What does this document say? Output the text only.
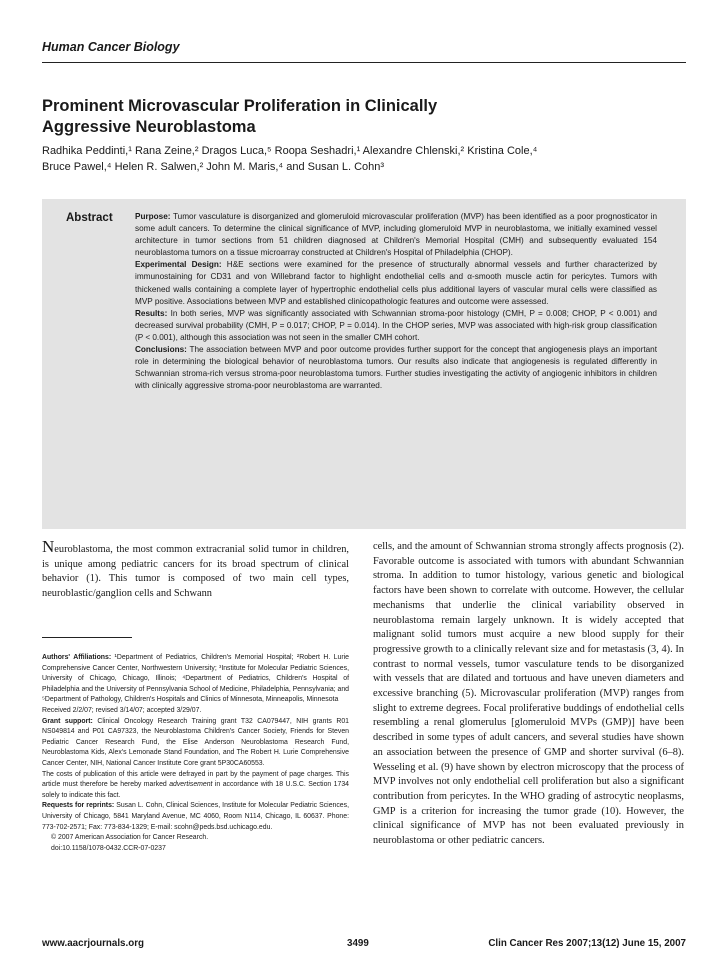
Human Cancer Biology
Prominent Microvascular Proliferation in Clinically
Aggressive Neuroblastoma
Radhika Peddinti,¹ Rana Zeine,² Dragos Luca,⁵ Roopa Seshadri,¹ Alexandre Chlenski,² Kristina Cole,⁴
Bruce Pawel,⁴ Helen R. Salwen,² John M. Maris,⁴ and Susan L. Cohn³
Abstract	Purpose: Tumor vasculature is disorganized and glomeruloid microvascular proliferation (MVP) has been identified as a poor prognosticator in some adult cancers. To determine the clinical significance of MVP, including glomeruloid MVP in neuroblastoma, we initially examined vessel architecture in tumor sections from 51 children diagnosed at Children's Memorial Hospital (CMH) and subsequently evaluated 154 neuroblastoma tumors on a tissue microarray constructed at Children's Hospital of Philadelphia (CHOP).

Experimental Design: H&E sections were examined for the presence of structurally abnormal vessels and further characterized by immunostaining for CD31 and von Willebrand factor to highlight endothelial cells and α-smooth muscle actin for pericytes. Tumors with thickened walls containing a complete layer of hypertrophic endothelial cells plus additional layers of vascular mural cells were classified as MVP positive. Associations between MVP and established clinicopathologic features and outcome were assessed.

Results: In both series, MVP was significantly associated with Schwannian stroma-poor histology (CMH, P = 0.008; CHOP, P < 0.001) and decreased survival probability (CMH, P = 0.017; CHOP, P = 0.014). In the CHOP series, MVP was associated with high-risk group classification (P < 0.001), although this association was not seen in the smaller CMH cohort.

Conclusions: The association between MVP and poor outcome provides further support for the concept that angiogenesis plays an important role in determining the biological behavior of neuroblastoma tumors. Our results also indicate that angiogenesis is regulated differently in Schwannian stroma-rich versus stroma-poor neuroblastoma tumors. Further studies investigating the activity of angiogenic inhibitors in children with clinically aggressive stroma-poor neuroblastoma are warranted.

Neuroblastoma, the most common extracranial solid tumor in children, is unique among pediatric cancers for its broad spectrum of clinical behavior (1). This tumor is composed of two main cell types, neuroblastic/ganglion cells and Schwann

Authors' Affiliations: ¹Department of Pediatrics, Children's Memorial Hospital; ²Robert H. Lurie Comprehensive Cancer Center, Northwestern University; ³Institute for Molecular Pediatric Sciences, University of Chicago, Chicago, Illinois; ⁴Department of Pediatrics, Children's Hospital of Philadelphia and the University of Pennsylvania School of Medicine, Philadelphia, Pennsylvania; and ⁵Department of Pathology, Children's Hospitals and Clinics of Minnesota, Minneapolis, Minnesota

Received 2/2/07; revised 3/14/07; accepted 3/29/07.

Grant support: Clinical Oncology Research Training grant T32 CA079447, NIH grants R01 NS049814 and P01 CA97323, the Neuroblastoma Children's Cancer Society, Friends for Steven Pediatric Cancer Research Fund, the Elise Anderson Neuroblastoma Research Fund, Neuroblastoma Kids, Alex's Lemonade Stand Foundation, and The Robert H. Lurie Comprehensive Cancer Center, NIH, National Cancer Institute Core grant 5P30CA60553.

The costs of publication of this article were defrayed in part by the payment of page charges. This article must therefore be hereby marked advertisement in accordance with 18 U.S.C. Section 1734 solely to indicate this fact.

Requests for reprints: Susan L. Cohn, Clinical Sciences, Institute for Molecular Pediatric Sciences, University of Chicago, 5841 Maryland Avenue, MC 4060, Room N114, Chicago, IL 60637. Phone: 773-702-2571; Fax: 773-834-1329; E-mail: scohn@peds.bsd.uchicago.edu.

© 2007 American Association for Cancer Research.

doi:10.1158/1078-0432.CCR-07-0237

cells, and the amount of Schwannian stroma strongly affects prognosis (2). Favorable outcome is associated with tumors with abundant Schwannian stroma. In addition to tumor histology, various genetic and biological factors have been shown to correlate with outcome. However, the cellular mechanisms that underlie the clinical variability observed in neuroblastoma remain largely unknown. It is widely accepted that malignant solid tumors must acquire a new blood supply for their progressive growth to a clinically relevant size and for metastasis (3, 4). In contrast to normal vessels, tumor vasculature tends to be disorganized with vessels that are dilated and tortuous and have uneven diameters and excessive branching (5). Microvascular proliferation (MVP) ranges from slight to extreme degrees. Focal proliferative buddings of endothelial cells resembling a renal glomerulus [glomeruloid MVPs (GMP)] have been described in some types of adult cancers, and several studies have shown an association between the presence of GMP and shorter survival (6–8). Wesseling et al. (9) have shown by electron microscopy that the process of MVP involves not only endothelial cell proliferation but also a significant contribution from pericytes. In the WHO grading of astrocytic neoplasms, GMP is a criterion for increasing the tumor grade (10). However, the clinical significance of MVP has not been evaluated previously in neuroblastoma or other pediatric cancers.

www.aacrjournals.org	3499	Clin Cancer Res 2007;13(12) June 15, 2007
